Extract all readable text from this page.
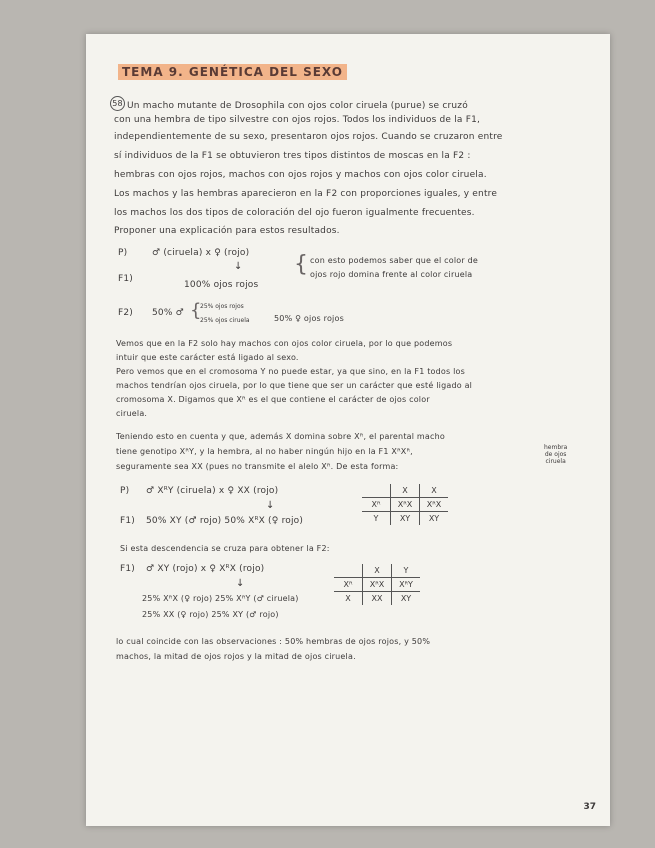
TEMA 9. GENÉTICA DEL SEXO
58 Un macho mutante de Drosophila con ojos color ciruela (purue) se cruzó
con una hembra de tipo silvestre con ojos rojos. Todos los individuos de la F1,
independientemente de su sexo, presentaron ojos rojos. Cuando se cruzaron entre
sí individuos de la F1 se obtuvieron tres tipos distintos de moscas en la F2 :
hembras con ojos rojos, machos con ojos rojos y machos con ojos color ciruela.
Los machos y las hembras aparecieron en la F2 con proporciones iguales, y entre
los machos los dos tipos de coloración del ojo fueron igualmente frecuentes.
Proponer una explicación para estos resultados.
P)	♂ (ciruela) x ♀ (rojo)
↓
F1)
100% ojos rojos
{ con esto podemos saber que el color de
ojos rojo domina frente al color ciruela
F2) 50% ♂ {
25% ojos rojos
25% ojos ciruela	50% ♀ ojos rojos
Vemos que en la F2 solo hay machos con ojos color ciruela, por lo que podemos
intuir que este carácter está ligado al sexo.
Pero vemos que en el cromosoma Y no puede estar, ya que sino, en la F1 todos los
machos tendrían ojos ciruela, por lo que tiene que ser un carácter que esté ligado al
cromosoma X. Digamos que Xᴿ es el que contiene el carácter de ojos color
ciruela.
Teniendo esto en cuenta y que, además X domina sobre Xᴿ, el parental macho
tiene genotipo XᴿY, y la hembra, al no haber ningún hijo en la F1 XᴿXᴿ,
seguramente sea XX (pues no transmite el alelo Xᴿ. De esta forma:
hembra
de ojos
ciruela
P) ♂ XᴿY (ciruela) x ♀ XX (rojo)
↓
F1) 50% XY (♂ rojo) 50% XᴿX (♀ rojo)
	X	X
Xᴿ	XᴿX	XᴿX
Y	XY	XY
Si esta descendencia se cruza para obtener la F2:
F1) ♂ XY (rojo) x ♀ XᴿX (rojo)
↓
25% XᴿX (♀ rojo) 25% XᴿY (♂ ciruela)
25% XX (♀ rojo) 25% XY (♂ rojo)
	X	Y
Xᴿ	XᴿX	XᴿY
X	XX	XY
lo cual coincide con las observaciones : 50% hembras de ojos rojos, y 50%
machos, la mitad de ojos rojos y la mitad de ojos ciruela.
37
